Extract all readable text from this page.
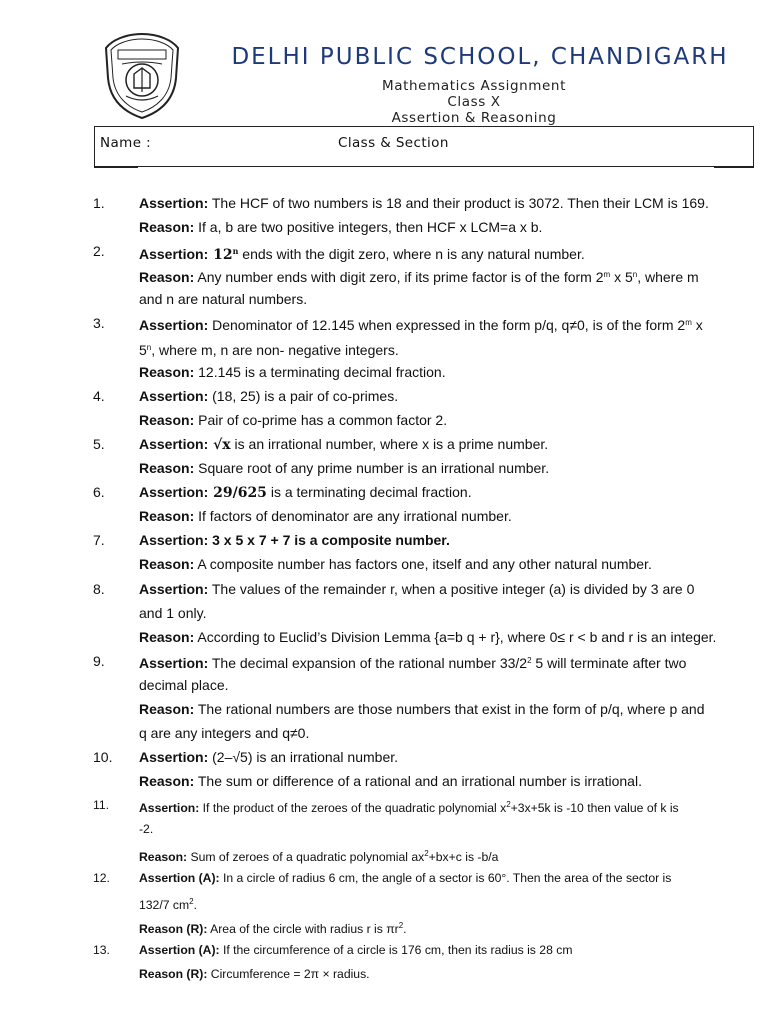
DELHI PUBLIC SCHOOL, CHANDIGARH
Mathematics Assignment
Class X
Assertion & Reasoning
Name :	Class & Section
1. Assertion: The HCF of two numbers is 18 and their product is 3072. Then their LCM is 169.
Reason: If a, b are two positive integers, then HCF x LCM=a x b.
2. Assertion: 12$^n$ ends with the digit zero, where n is any natural number.
Reason: Any number ends with digit zero, if its prime factor is of the form 2$^m$ x 5$^n$, where m
and n are natural numbers.
3. Assertion: Denominator of 12.145 when expressed in the form p/q, q≠0, is of the form 2$^m$ x
5$^n$, where m, n are non- negative integers.
Reason: 12.145 is a terminating decimal fraction.
4. Assertion: (18, 25) is a pair of co-primes.
Reason: Pair of co-prime has a common factor 2.
5. Assertion: √x is an irrational number, where x is a prime number.
Reason: Square root of any prime number is an irrational number.
6. Assertion: 29/625 is a terminating decimal fraction.
Reason: If factors of denominator are any irrational number.
7. Assertion: 3 x 5 x 7 + 7 is a composite number.
Reason: A composite number has factors one, itself and any other natural number.
8. Assertion: The values of the remainder r, when a positive integer (a) is divided by 3 are 0
and 1 only.
Reason: According to Euclid’s Division Lemma {a=b q + r}, where 0≤ r < b and r is an integer.
9. Assertion: The decimal expansion of the rational number $33/2^2$ 5 will terminate after two
decimal place.
Reason: The rational numbers are those numbers that exist in the form of p/q, where p and
q are any integers and q≠0.
10. Assertion: (2–√5) is an irrational number.
Reason: The sum or difference of a rational and an irrational number is irrational.
11. Assertion: If the product of the zeroes of the quadratic polynomial $x^2+3x+5k$ is -10 then value of k is
-2.
Reason: Sum of zeroes of a quadratic polynomial $ax^2+bx+c$ is -b/a
12. Assertion (A): In a circle of radius 6 cm, the angle of a sector is 60°. Then the area of the sector is
132/7 $cm^2$.
Reason (R): Area of the circle with radius r is $\pi r^2$.
13. Assertion (A): If the circumference of a circle is 176 cm, then its radius is 28 cm
Reason (R): Circumference = 2π × radius.
